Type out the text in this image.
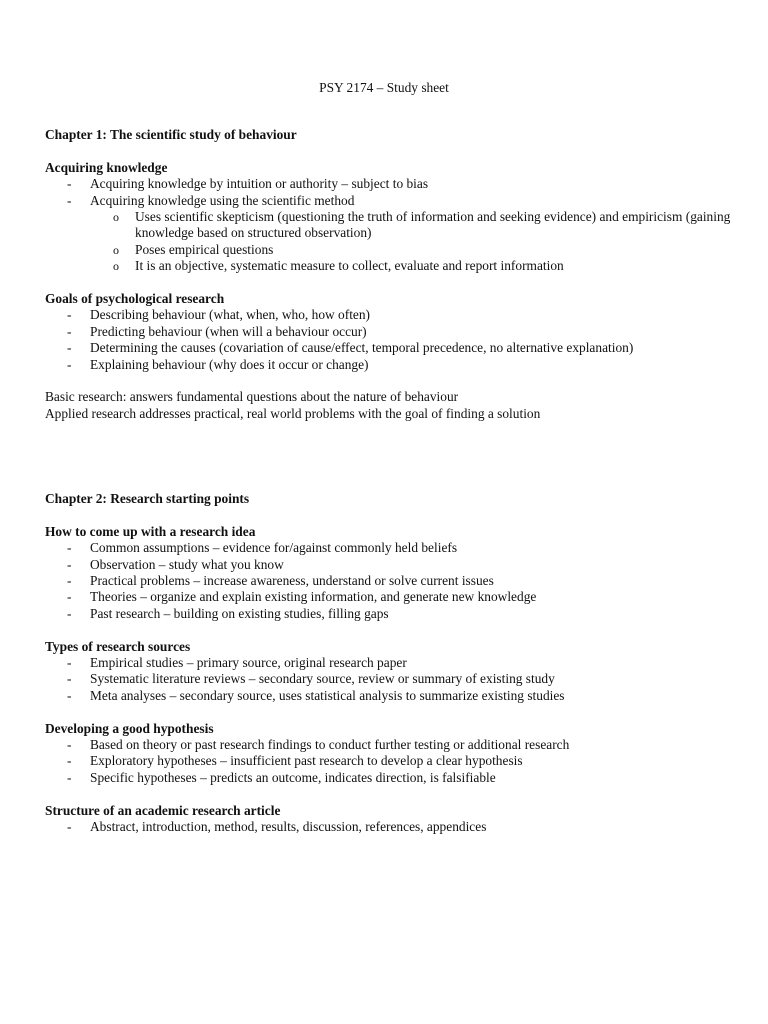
PSY 2174 – Study sheet
Chapter 1: The scientific study of behaviour
Acquiring knowledge
- Acquiring knowledge by intuition or authority – subject to bias
- Acquiring knowledge using the scientific method
o Uses scientific skepticism (questioning the truth of information and seeking evidence) and empiricism (gaining knowledge based on structured observation)
o Poses empirical questions
o It is an objective, systematic measure to collect, evaluate and report information
Goals of psychological research
- Describing behaviour (what, when, who, how often)
- Predicting behaviour (when will a behaviour occur)
- Determining the causes (covariation of cause/effect, temporal precedence, no alternative explanation)
- Explaining behaviour (why does it occur or change)
Basic research: answers fundamental questions about the nature of behaviour
Applied research addresses practical, real world problems with the goal of finding a solution
Chapter 2: Research starting points
How to come up with a research idea
- Common assumptions – evidence for/against commonly held beliefs
- Observation – study what you know
- Practical problems – increase awareness, understand or solve current issues
- Theories – organize and explain existing information, and generate new knowledge
- Past research – building on existing studies, filling gaps
Types of research sources
- Empirical studies – primary source, original research paper
- Systematic literature reviews – secondary source, review or summary of existing study
- Meta analyses – secondary source, uses statistical analysis to summarize existing studies
Developing a good hypothesis
- Based on theory or past research findings to conduct further testing or additional research
- Exploratory hypotheses – insufficient past research to develop a clear hypothesis
- Specific hypotheses – predicts an outcome, indicates direction, is falsifiable
Structure of an academic research article
- Abstract, introduction, method, results, discussion, references, appendices
